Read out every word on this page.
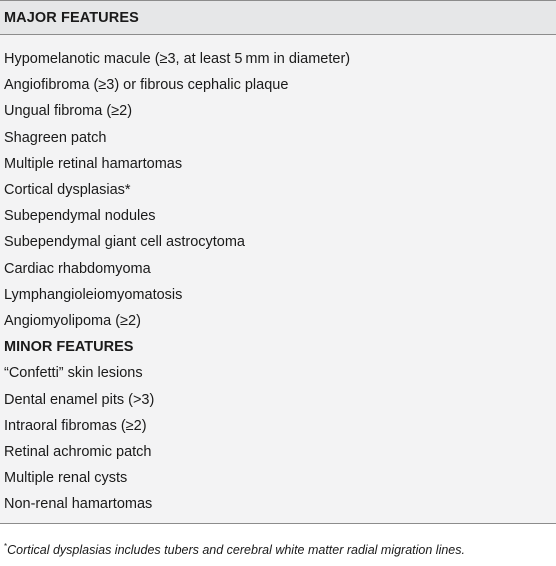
MAJOR FEATURES
Hypomelanotic macule (≥3, at least 5 mm in diameter)
Angiofibroma (≥3) or fibrous cephalic plaque
Ungual fibroma (≥2)
Shagreen patch
Multiple retinal hamartomas
Cortical dysplasias*
Subependymal nodules
Subependymal giant cell astrocytoma
Cardiac rhabdomyoma
Lymphangioleiomyomatosis
Angiomyolipoma (≥2)
MINOR FEATURES
“Confetti” skin lesions
Dental enamel pits (>3)
Intraoral fibromas (≥2)
Retinal achromic patch
Multiple renal cysts
Non-renal hamartomas
*Cortical dysplasias includes tubers and cerebral white matter radial migration lines.
